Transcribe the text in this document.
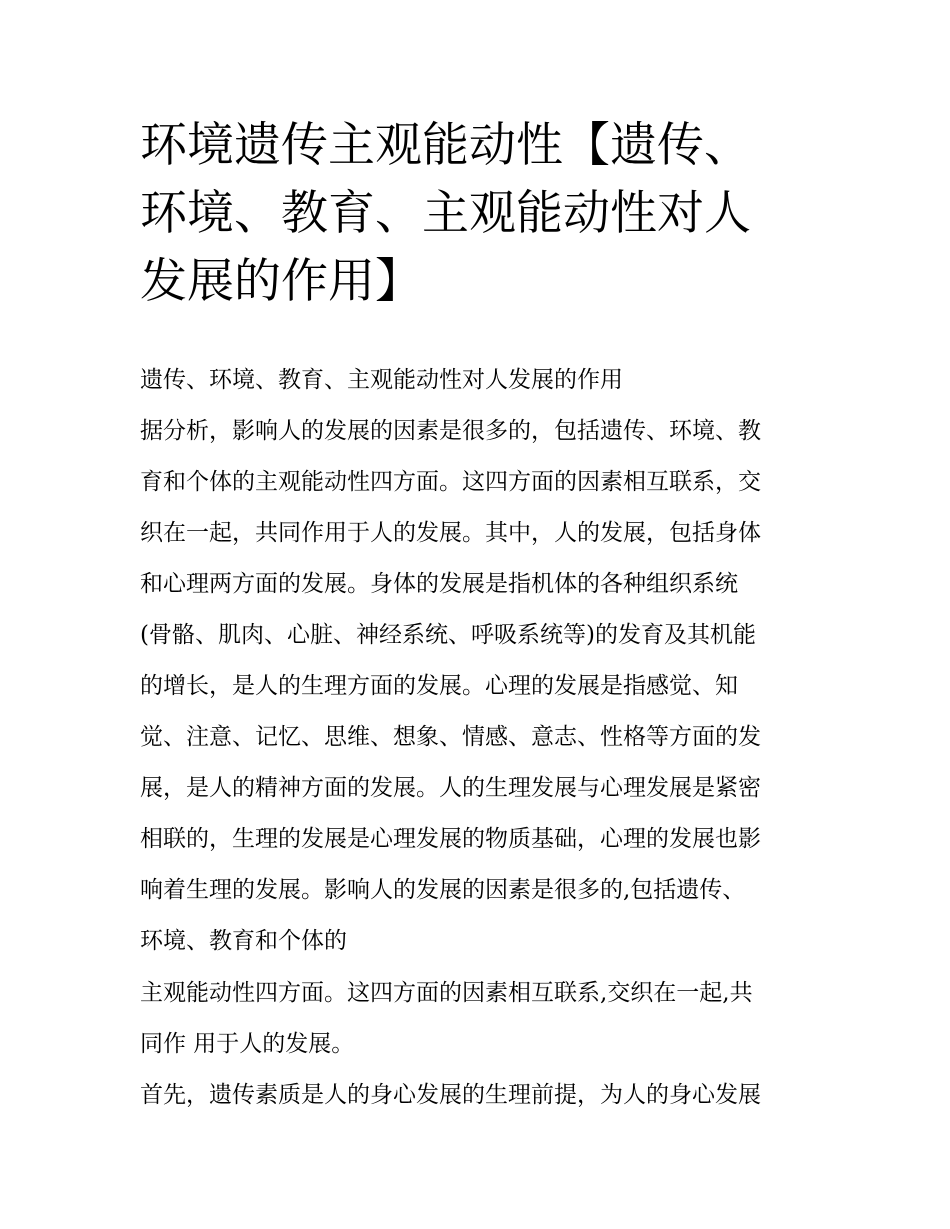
环境遗传主观能动性【遗传、
环境、教育、主观能动性对人
发展的作用】

遗传、环境、教育、主观能动性对人发展的作用

据分析，影响人的发展的因素是很多的，包括遗传、环境、教
育和个体的主观能动性四方面。这四方面的因素相互联系，交
织在一起，共同作用于人的发展。其中，人的发展，包括身体
和心理两方面的发展。身体的发展是指机体的各种组织系统
(骨骼、肌肉、心脏、神经系统、呼吸系统等)的发育及其机能
的增长，是人的生理方面的发展。心理的发展是指感觉、知
觉、注意、记忆、思维、想象、情感、意志、性格等方面的发
展，是人的精神方面的发展。人的生理发展与心理发展是紧密
相联的，生理的发展是心理发展的物质基础，心理的发展也影
响着生理的发展。影响人的发展的因素是很多的,包括遗传、
环境、教育和个体的
主观能动性四方面。这四方面的因素相互联系,交织在一起,共
同作 用于人的发展。
首先，遗传素质是人的身心发展的生理前提，为人的身心发展
